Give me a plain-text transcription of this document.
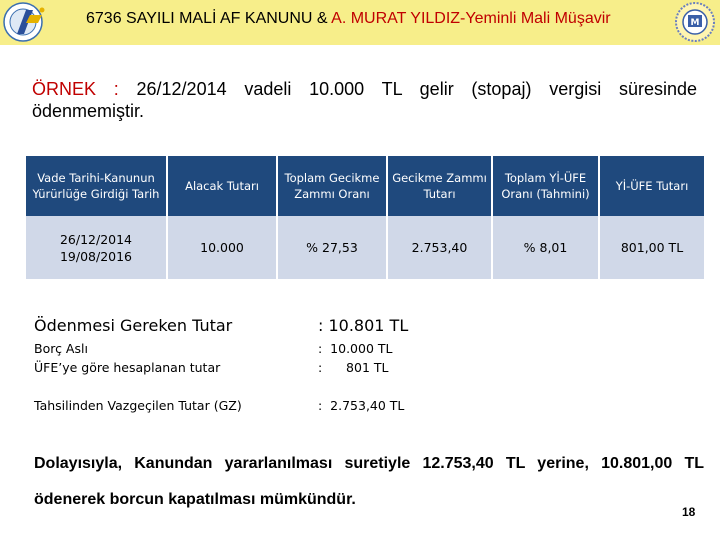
6736 SAYILI MALİ AF KANUNU & A. MURAT YILDIZ-Yeminli Mali Müşavir	M
ÖRNEK : 26/12/2014 vadeli 10.000 TL gelir (stopaj) vergisi süresinde ödenmemiştir.
Vade Tarihi-Kanunun Yürürlüğe Girdiği Tarih	Alacak Tutarı	Toplam Gecikme Zammı Oranı	Gecikme Zammı Tutarı	Toplam Yİ-ÜFE Oranı (Tahmini)	Yİ-ÜFE Tutarı

26/12/2014
19/08/2016	10.000	% 27,53	2.753,40	% 8,01	801,00 TL
Ödenmesi Gereken Tutar	: 10.801 TL
Borç Aslı	:  10.000 TL
ÜFE’ye göre hesaplanan tutar	:      801 TL
Tahsilinden Vazgeçilen Tutar (GZ)	:  2.753,40 TL
Dolayısıyla, Kanundan yararlanılması suretiyle 12.753,40 TL yerine, 10.801,00 TL ödenerek borcun kapatılması mümkündür.
18
